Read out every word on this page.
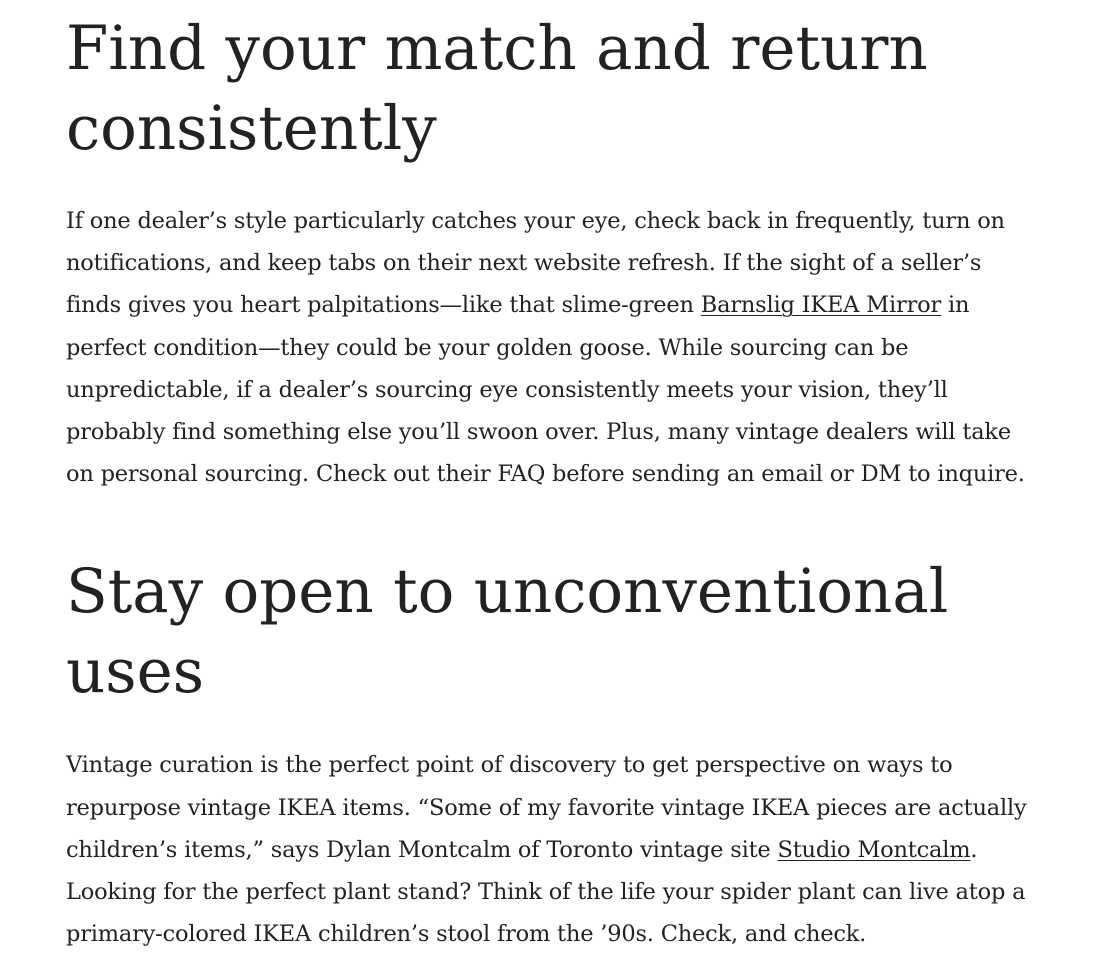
Find your match and return consistently

If one dealer’s style particularly catches your eye, check back in frequently, turn on notifications, and keep tabs on their next website refresh. If the sight of a seller’s finds gives you heart palpitations—like that slime-green Barnslig IKEA Mirror in perfect condition—they could be your golden goose. While sourcing can be unpredictable, if a dealer’s sourcing eye consistently meets your vision, they’ll probably find something else you’ll swoon over. Plus, many vintage dealers will take on personal sourcing. Check out their FAQ before sending an email or DM to inquire.

Stay open to unconventional uses

Vintage curation is the perfect point of discovery to get perspective on ways to repurpose vintage IKEA items. “Some of my favorite vintage IKEA pieces are actually children’s items,” says Dylan Montcalm of Toronto vintage site Studio Montcalm. Looking for the perfect plant stand? Think of the life your spider plant can live atop a primary-colored IKEA children’s stool from the ’90s. Check, and check.
